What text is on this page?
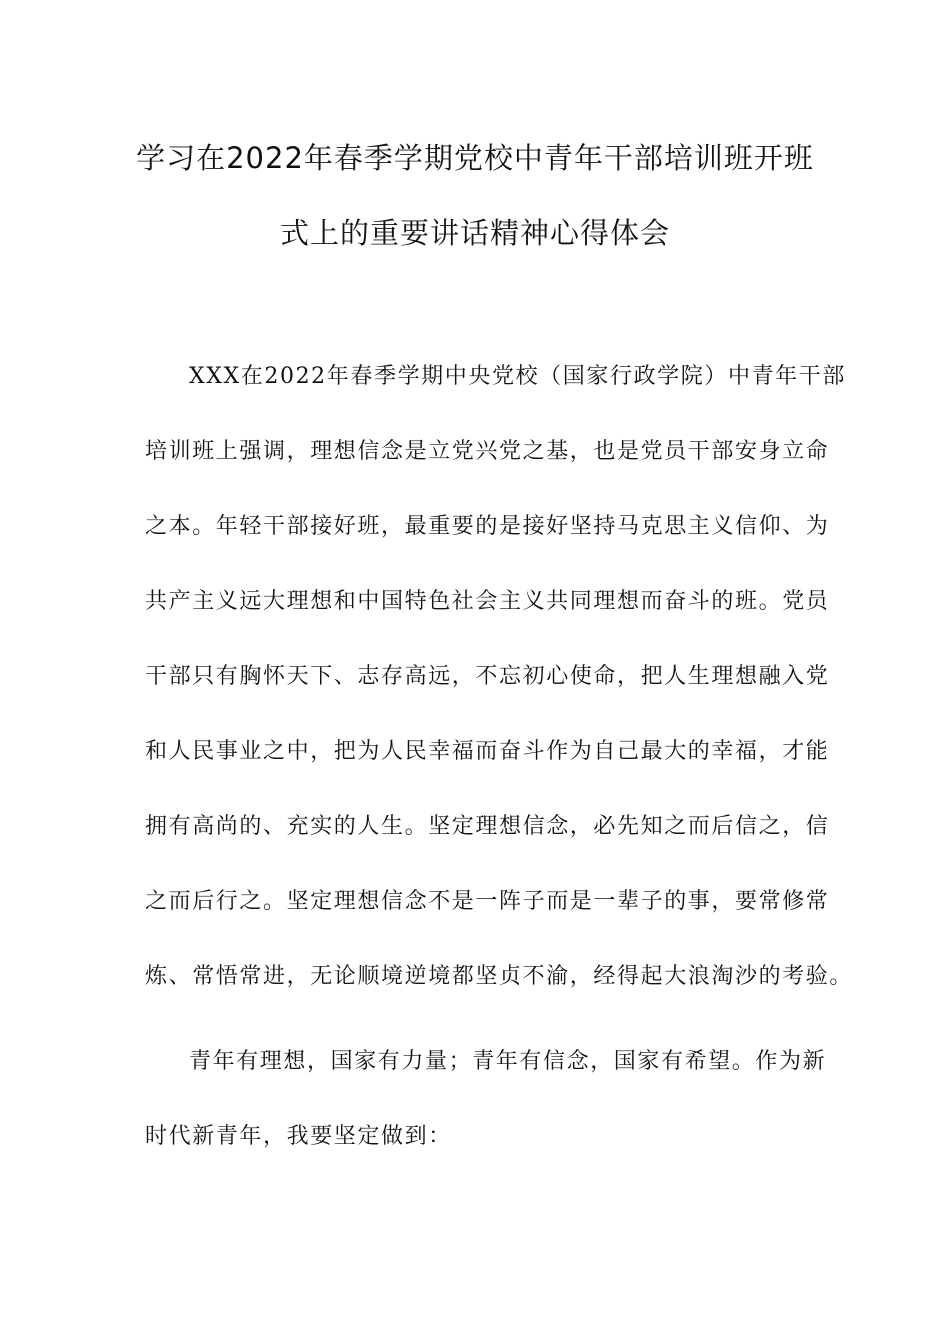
学习在2022年春季学期党校中青年干部培训班开班
式上的重要讲话精神心得体会
XXX在2022年春季学期中央党校（国家行政学院）中青年干部
培训班上强调，理想信念是立党兴党之基，也是党员干部安身立命
之本。年轻干部接好班，最重要的是接好坚持马克思主义信仰、为
共产主义远大理想和中国特色社会主义共同理想而奋斗的班。党员
干部只有胸怀天下、志存高远，不忘初心使命，把人生理想融入党
和人民事业之中，把为人民幸福而奋斗作为自己最大的幸福，才能
拥有高尚的、充实的人生。坚定理想信念，必先知之而后信之，信
之而后行之。坚定理想信念不是一阵子而是一辈子的事，要常修常
炼、常悟常进，无论顺境逆境都坚贞不渝，经得起大浪淘沙的考验。
青年有理想，国家有力量；青年有信念，国家有希望。作为新
时代新青年，我要坚定做到：
